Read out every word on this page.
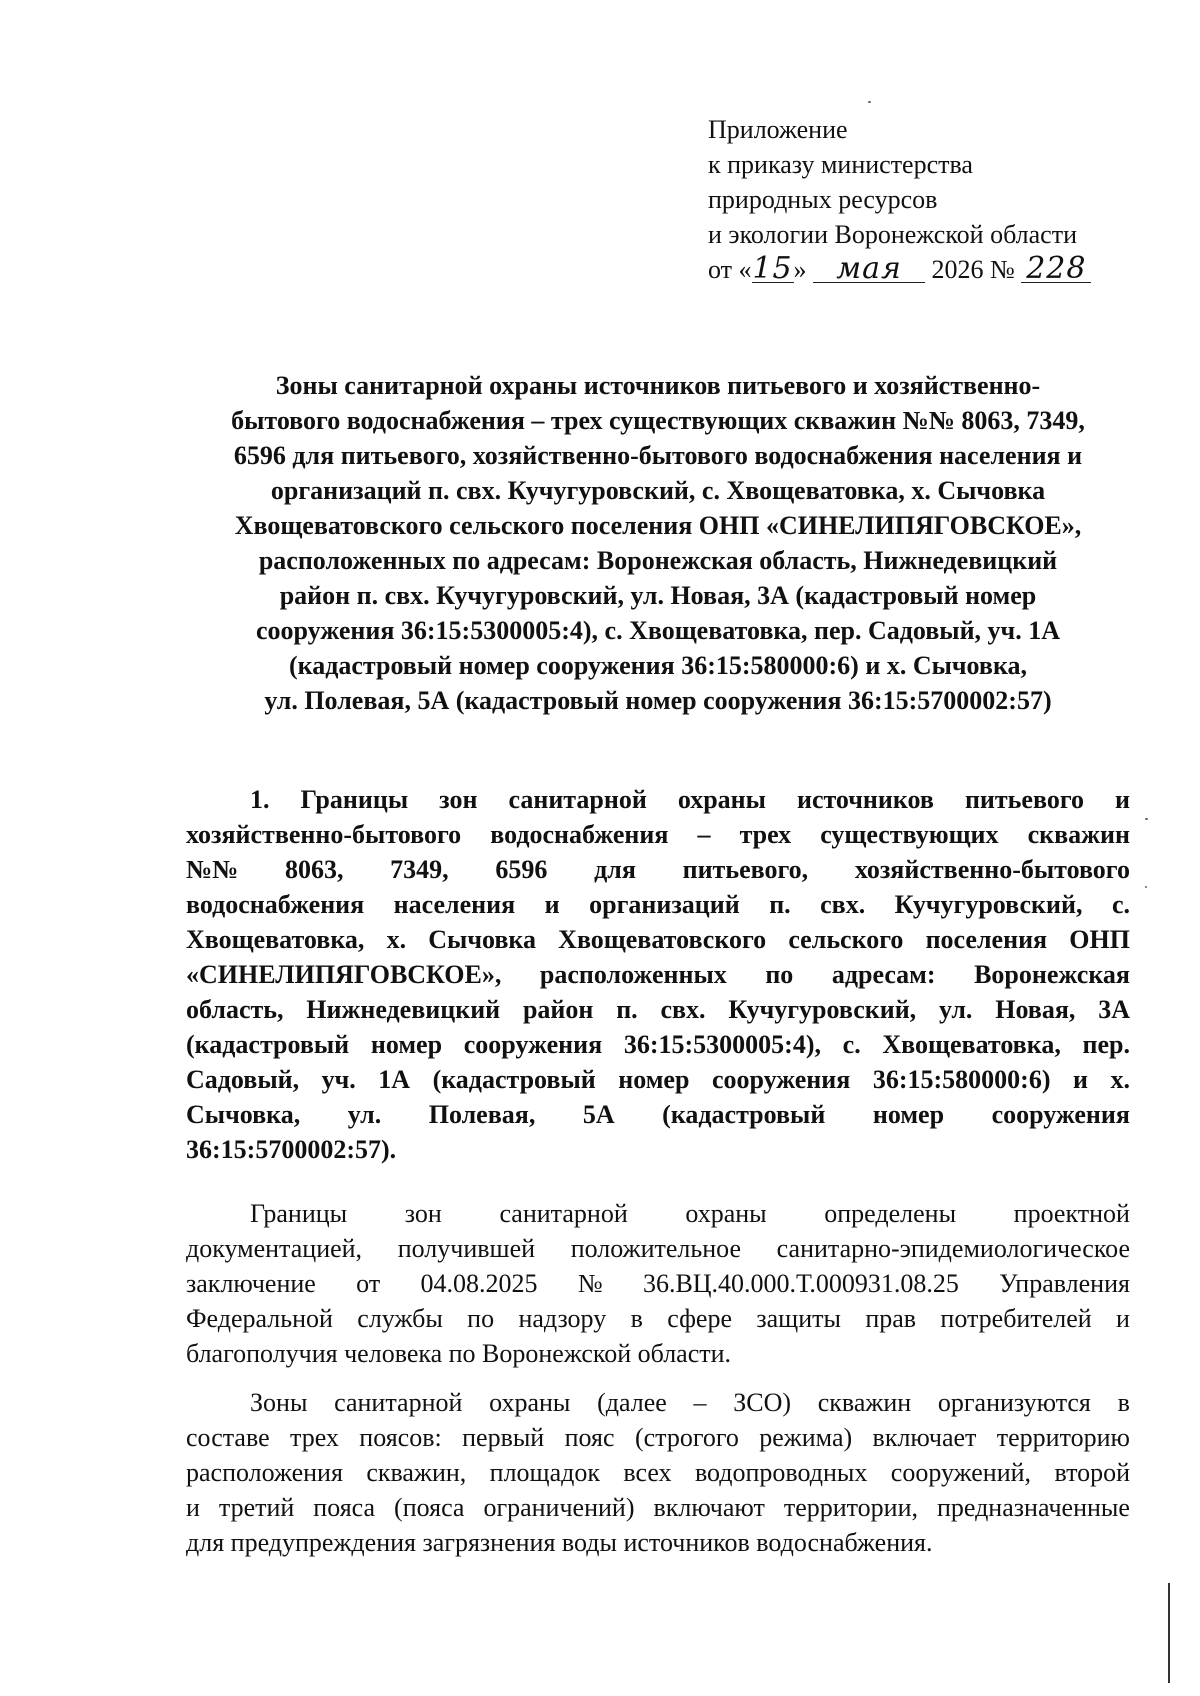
Приложение
к приказу министерства
природных ресурсов
и экологии Воронежской области
от «15» мая 2026 № 228
Зоны санитарной охраны источников питьевого и хозяйственно-
бытового водоснабжения – трех существующих скважин №№ 8063, 7349,
6596 для питьевого, хозяйственно-бытового водоснабжения населения и
организаций п. свх. Кучугуровский, с. Хвощеватовка, х. Сычовка
Хвощеватовского сельского поселения ОНП «СИНЕЛИПЯГОВСКОЕ»,
расположенных по адресам: Воронежская область, Нижнедевицкий
район п. свх. Кучугуровский, ул. Новая, 3А (кадастровый номер
сооружения 36:15:5300005:4), с. Хвощеватовка, пер. Садовый, уч. 1А
(кадастровый номер сооружения 36:15:580000:6) и х. Сычовка,
ул. Полевая, 5А (кадастровый номер сооружения 36:15:5700002:57)
1. Границы зон санитарной охраны источников питьевого и
хозяйственно-бытового водоснабжения – трех существующих скважин
№№ 8063, 7349, 6596 для питьевого, хозяйственно-бытового
водоснабжения населения и организаций п. свх. Кучугуровский, с.
Хвощеватовка, х. Сычовка Хвощеватовского сельского поселения ОНП
«СИНЕЛИПЯГОВСКОЕ», расположенных по адресам: Воронежская
область, Нижнедевицкий район п. свх. Кучугуровский, ул. Новая, 3А
(кадастровый номер сооружения 36:15:5300005:4), с. Хвощеватовка, пер.
Садовый, уч. 1А (кадастровый номер сооружения 36:15:580000:6) и х.
Сычовка, ул. Полевая, 5А (кадастровый номер сооружения
36:15:5700002:57).
Границы зон санитарной охраны определены проектной
документацией, получившей положительное санитарно-эпидемиологическое
заключение от 04.08.2025 № 36.ВЦ.40.000.Т.000931.08.25 Управления
Федеральной службы по надзору в сфере защиты прав потребителей и
благополучия человека по Воронежской области.
Зоны санитарной охраны (далее – ЗСО) скважин организуются в
составе трех поясов: первый пояс (строгого режима) включает территорию
расположения скважин, площадок всех водопроводных сооружений, второй
и третий пояса (пояса ограничений) включают территории, предназначенные
для предупреждения загрязнения воды источников водоснабжения.
